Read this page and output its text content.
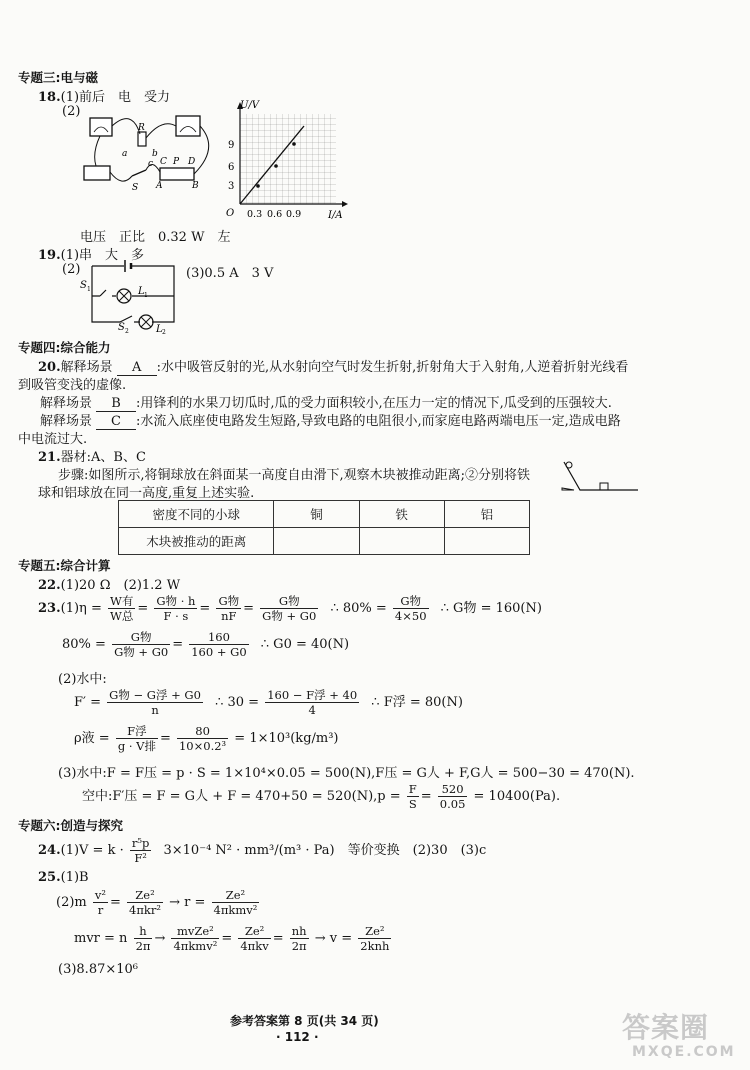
专题三:电与磁
18.(1)前后　电　受力
(2)
a	b
c
R
C P D
A	B
S
U/V
I/A
O
3
6
9
0.3 0.6 0.9
电压　正比　0.32 W　左
19.(1)串　大　多
(2)	(3)0.5 A　3 V
S 1	L 1
S 2	L 2
专题四:综合能力
20.解释场景 A :水中吸管反射的光,从水射向空气时发生折射,折射角大于入射角,人逆着折射光线看
到吸管变浅的虚像.
解释场景 B :用锋利的水果刀切瓜时,瓜的受力面积较小,在压力一定的情况下,瓜受到的压强较大.
解释场景 C :水流入底座使电路发生短路,导致电路的电阻很小,而家庭电路两端电压一定,造成电路
中电流过大.
21.器材:A、B、C
步骤:如图所示,将铜球放在斜面某一高度自由滑下,观察木块被推动距离;②分别将铁
球和铝球放在同一高度,重复上述实验.
密度不同的小球	铜	铁	铝
木块被推动的距离			
专题五:综合计算
22.(1)20 Ω　(2)1.2 W
$23.(1)\eta = \frac{\text{W有}}{\text{W总}} = \frac{\text{G物 · h}}{F \cdot s} = \frac{\text{G物}}{nF} = \frac{\text{G物}}{\text{G物 + G0}}$ ∴ $80\% = \frac{\text{G物}}{4\times 50}$ ∴ G物 = 160(N)
$80\% = \frac{\text{G物}}{\text{G物 + G0}} = \frac{160}{160 + G0}$ ∴ G0 = 40(N)
(2)水中:
$F' = \frac{\text{G物 − G浮 + G0}}{n}$ ∴ $30 = \frac{\text{160 − F浮 + 40}}{4}$ ∴ F浮 = 80(N)
ρ液 = $\frac{\text{F浮}}{\text{g · V排}} = \frac{80}{\text{10×0.2³}} = 1\times 10^3(kg/m^3)$
(3)水中:F = F压 = p · S = 1×10⁴×0.05 = 500(N),F压 = G人 + F,G人 = 500−30 = 470(N).
空中:F′压 = F = G人 + $F = 470+50 = 520(N),p = \frac{F}{S} = \frac{520}{0.05} = 10400(Pa)$.
专题六:创造与探究
$24.(1)V = k \cdot \frac{\text{r⁵p}}{\text{F²}} 3\times 10^{-4}$ N² · mm³/(m³ · Pa)　等价变换　(2)30　(3)c
25.(1)B
$(2)m \frac{\text{v²}}{r} = \frac{\text{Ze²}}{\text{4πkr²}} \to r = \frac{\text{Ze²}}{\text{4πkmv²}}$
mvr = n $\frac{h}{2\pi} \to \frac{\text{mvZe²}}{\text{4πkmv²}} = \frac{\text{Ze²}}{\text{4πkv}} = \frac{nh}{2\pi} \to v = \frac{\text{Ze²}}{\text{2knh}}$
(3)8.87×10⁶
参考答案第 8 页(共 34 页)
· 112 ·	答案圈
MXQE.COM
